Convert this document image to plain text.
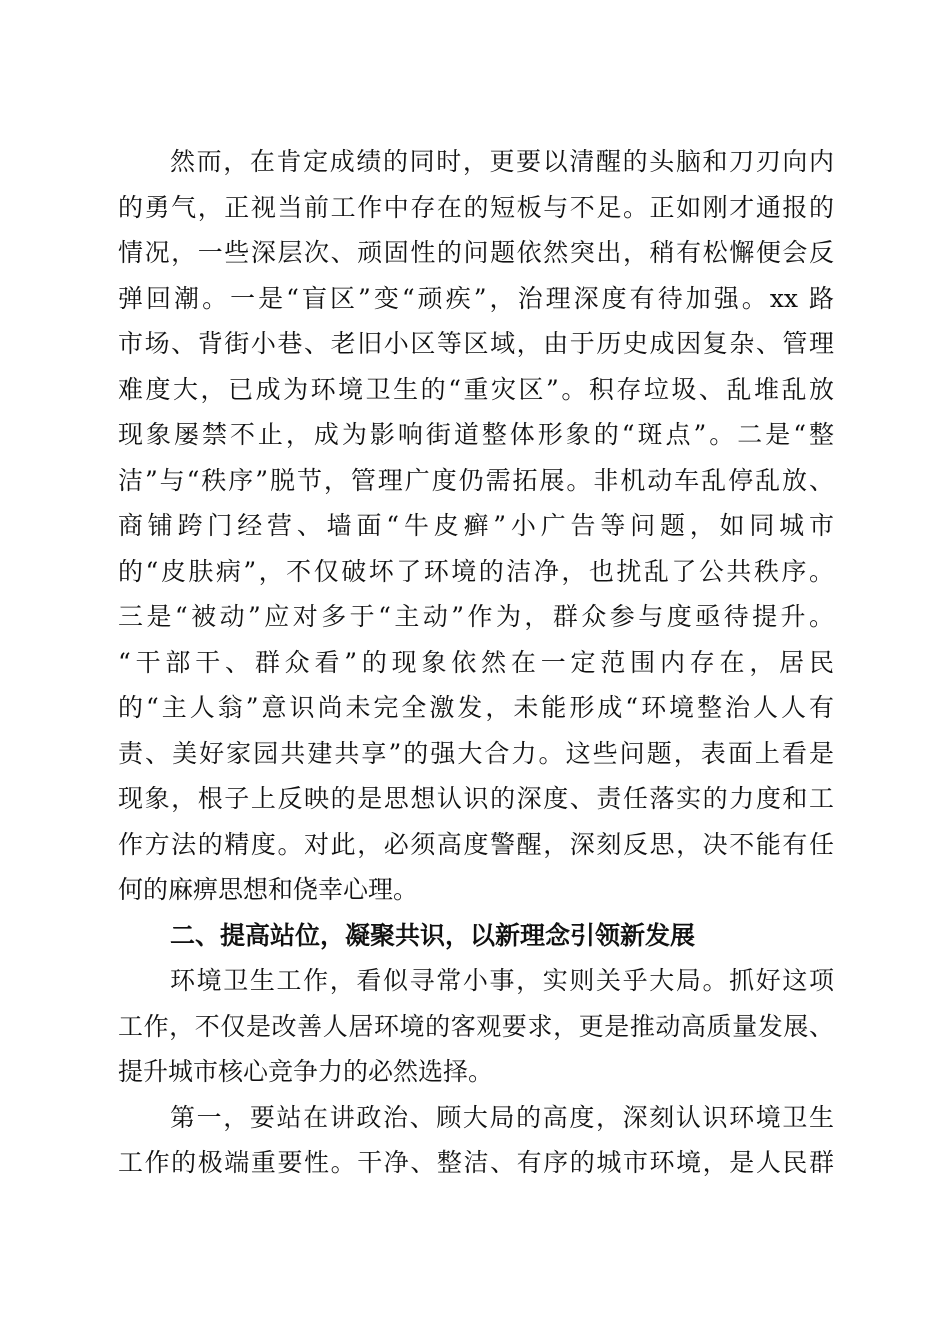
然而，在肯定成绩的同时，更要以清醒的头脑和刀刃向内
的勇气，正视当前工作中存在的短板与不足。正如刚才通报的
情况，一些深层次、顽固性的问题依然突出，稍有松懈便会反
弹回潮。一是“盲区”变“顽疾”，治理深度有待加强。xx 路
市场、背街小巷、老旧小区等区域，由于历史成因复杂、管理
难度大，已成为环境卫生的“重灾区”。积存垃圾、乱堆乱放
现象屡禁不止，成为影响街道整体形象的“斑点”。二是“整
洁”与“秩序”脱节，管理广度仍需拓展。非机动车乱停乱放、
商铺跨门经营、墙面“牛皮癣”小广告等问题，如同城市
的“皮肤病”，不仅破坏了环境的洁净，也扰乱了公共秩序。
三是“被动”应对多于“主动”作为，群众参与度亟待提升。
“干部干、群众看”的现象依然在一定范围内存在，居民
的“主人翁”意识尚未完全激发，未能形成“环境整治人人有
责、美好家园共建共享”的强大合力。这些问题，表面上看是
现象，根子上反映的是思想认识的深度、责任落实的力度和工
作方法的精度。对此，必须高度警醒，深刻反思，决不能有任
何的麻痹思想和侥幸心理。
二、提高站位，凝聚共识，以新理念引领新发展
环境卫生工作，看似寻常小事，实则关乎大局。抓好这项
工作，不仅是改善人居环境的客观要求，更是推动高质量发展、
提升城市核心竞争力的必然选择。
第一，要站在讲政治、顾大局的高度，深刻认识环境卫生
工作的极端重要性。干净、整洁、有序的城市环境，是人民群
